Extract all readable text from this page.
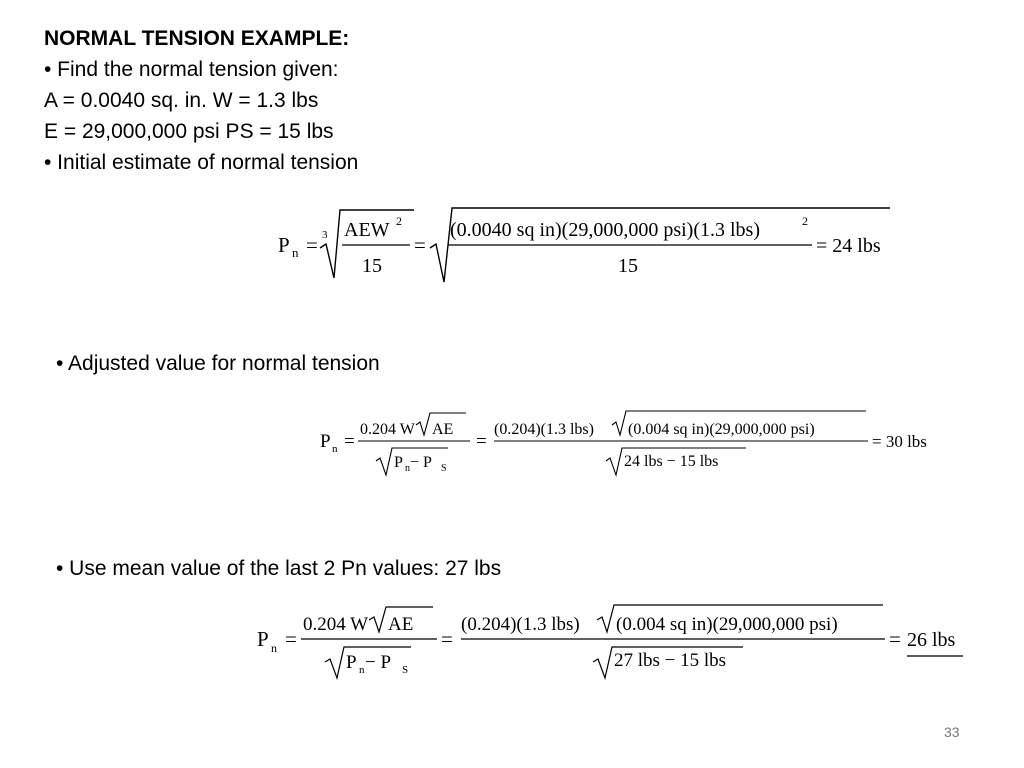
NORMAL TENSION EXAMPLE:
• Find the normal tension given:
A = 0.0040 sq. in. W = 1.3 lbs
E = 29,000,000 psi PS = 15 lbs
• Initial estimate of normal tension
P n = 3 AEW 2
15
=
(0.0040 sq in)(29,000,000 psi)(1.3 lbs)	2
15
= 24 lbs
• Adjusted value for normal tension
P n =
0.204 W AE
P n − P S
=
(0.204)(1.3 lbs) (0.004 sq in)(29,000,000 psi)
24 lbs − 15 lbs
= 30 lbs
• Use mean value of the last 2 Pn values: 27 lbs
P n =
0.204 W AE
P n − P S
=
(0.204)(1.3 lbs) (0.004 sq in)(29,000,000 psi)
27 lbs − 15 lbs
= 26 lbs
33
